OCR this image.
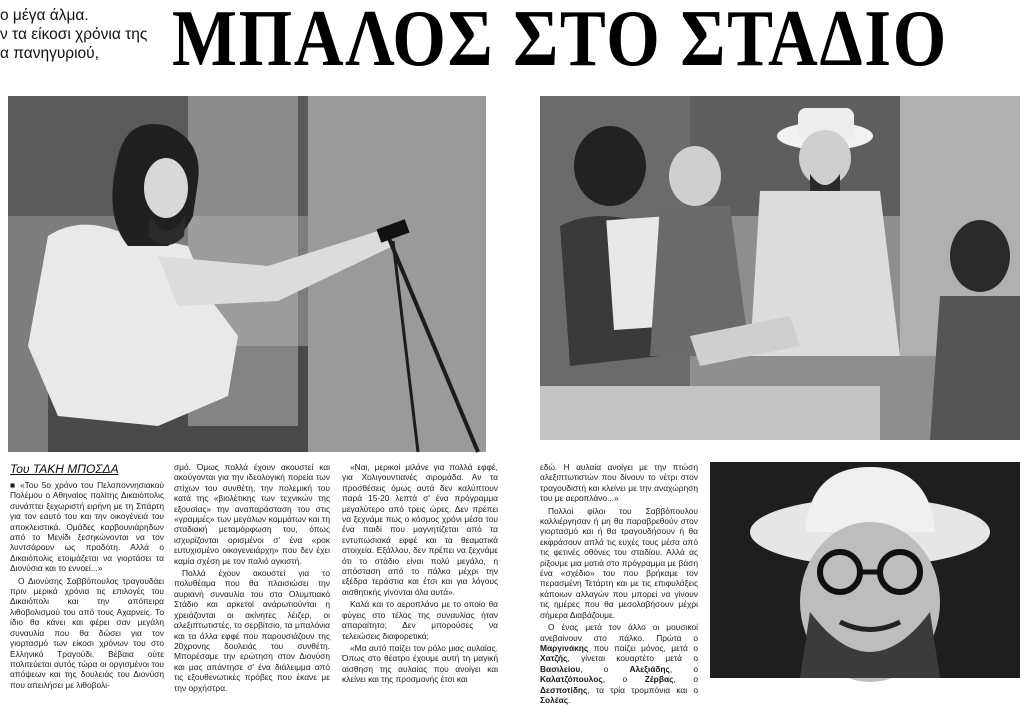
ο μέγα άλμα.
ν τα είκοσι χρόνια της
α πανηγυριού, ΜΠΑΛΟΣ ΣΤΟ ΣΤΑΔΙΟ
Του ΤΑΚΗ ΜΠΟΣΔΑ

■ «Του 5ο χρόνο του Πελοποννησιακού Πολέμου ο Αθηναίος πολίτης Δικαιόπολις συνάπτει ξεχωριστή ειρήνη με τη Σπάρτη για τον εαυτό του και την οικογένειά του αποκλειστικά. Ομάδες καρβουνιάρηδων από το Μενίδι ξεσηκώνονται να τον λυντσάρουν ως προδότη. Αλλά ο Δικαιόπολις ετοιμάζεται να γιορτάσει τα Διονύσια και το εννοεί...»

Ο Διονύσης Σαββόπουλος τραγουδάει πριν μερικά χρόνια τις επιλογές του Δικαιόπολι και την απόπειρα λιθοβολισμού του από τους Αχαρνείς. Το ίδιο θα κάνει και φέρει σαν μεγάλη συναυλία που θα δώσει για τον γιορτασμό των είκοσι χρόνων του στο Ελληνικό Τραγούδι. Βέβαια ούτε πολιτεύεται αυτός τώρα οι οργισμένοι του απόψεων και της δουλειάς του Διονύση που απειλήσει με λιθοβολι-

σμό. Όμως πολλά έχουν ακουστεί και ακούγονται για την ιδεολογική πορεία των στίχων του συνθέτη, την πολεμική του κατά της «βιολέτικης των τεχνικών της εξουσίας» την αναπαράσταση του στις «γραμμές» των μεγάλων κομμάτων και τη σταδιακή μεταμόρφωση του, όπως ισχυρίζονται ορισμένοι σ' ένα «ροκ ευτυχισμένο οικογενειάρχη» που δεν έχει καμία σχέση με τον παλιό αγκιστή.

Πολλά έχουν ακουστεί για το πολυθέαμα που θα πλαισιώσει την αυριανή συναυλία του στο Ολυμπιακό Στάδιο και αρκετοί ανάρωτιούνται η χρειάζονται οι ακίνητες λέιζερ, οι αλεξιπτωτιστές, το σερβίτσιο, τα μπαλόνια και τα άλλα εφφέ που παρουσιάζουν της 20χρονης δουλειάς του συνθέτη. Μπορέσαμε την ερώτηση στον Διονύση και μας απάντησε σ' ένα διάλειμμα από τις εξουθενωτικές πρόβες που έκανε με την ορχήστρα.

«Ναι, μερικοί μιλάνε για πολλά εφφέ, για Χολιγουντιανές σιρομάδα. Αν τα προσθέσεις όμως αυτά δεν καλύπτουν παρά 15-20 λεπτά σ' ένα πρόγραμμα μεγαλύτερο από τρεις ώρες. Δεν πρέπει να ξεχνάμε πως ο κόσμος χρόνι μέσα του ένα παιδί που μαγνητίζεται από τα εντυπωσιακά εφφέ και τα θεαματικά στοιχεία. Εξάλλου, δεν πρέπει να ξεχνάμε ότι το στάδιο είναι πολύ μεγάλο, η απόσταση από το πάλκο μέχρι την εξέδρα τεράστια και έτσι και για λόγους αισθητικής γίνονται όλα αυτά».

Καλά και το αεροπλάνο με το οποίο θα φύγεις στο τέλος της συναυλίας ήταν απαραίτητο; Δεν μπορούσες να τελειώσεις διαφορετικά;

«Μα αυτό παίζει τον ρόλο μιας αυλαίας. Όπως στο θέατρο έχουμε αυτή τη μαγική αίσθηση της αυλαίας που ανοίγει και κλείνει και της προσμονής έτσι και

εδώ. Η αυλαία ανοίγει με την πτώση αλεξιπτωτιστών που δίνουν το νέτρι στον τραγουδιστή και κλείνει με την αναχώρηση του με αεροπλάνο...»

Πολλοί φίλοι του Σαββόπουλου καλλιέργησαν ή μη θα παραβρεθούν στον γιορτασμό και ή θα τραγουδήσουν ή θα εκφράσουν απλά τις ευχές τους μέσα από τις φετινές οθόνες του σταδίου. Αλλά ας ρίξουμε μια ματιά στο πρόγραμμα με βάση ένα «σχέδιο» του που βρήκαμε τον περασμένη Τετάρτη και με τις επιφυλάξεις κάποιων αλλαγών που μπορεί να γίνουν τις ημέρες που θα μεσολαβήσουν μέχρι σήμερα Διαβάζουμε.

Ο ένας μετά τον άλλο οι μουσικοί ανεβαίνουν στο πάλκο. Πρώτα ο Μαργινάκης που παίζει μόνος, μετά ο Χατζής, γίνεται κουαρτέτο μετά ο Βασιλείου, ο Αλεξιάδης, ο Καλατζόπουλος, ο Ζέρβας, ο Δεσποτίδης, τα τρία τρομπόνια και ο Σολέας.
